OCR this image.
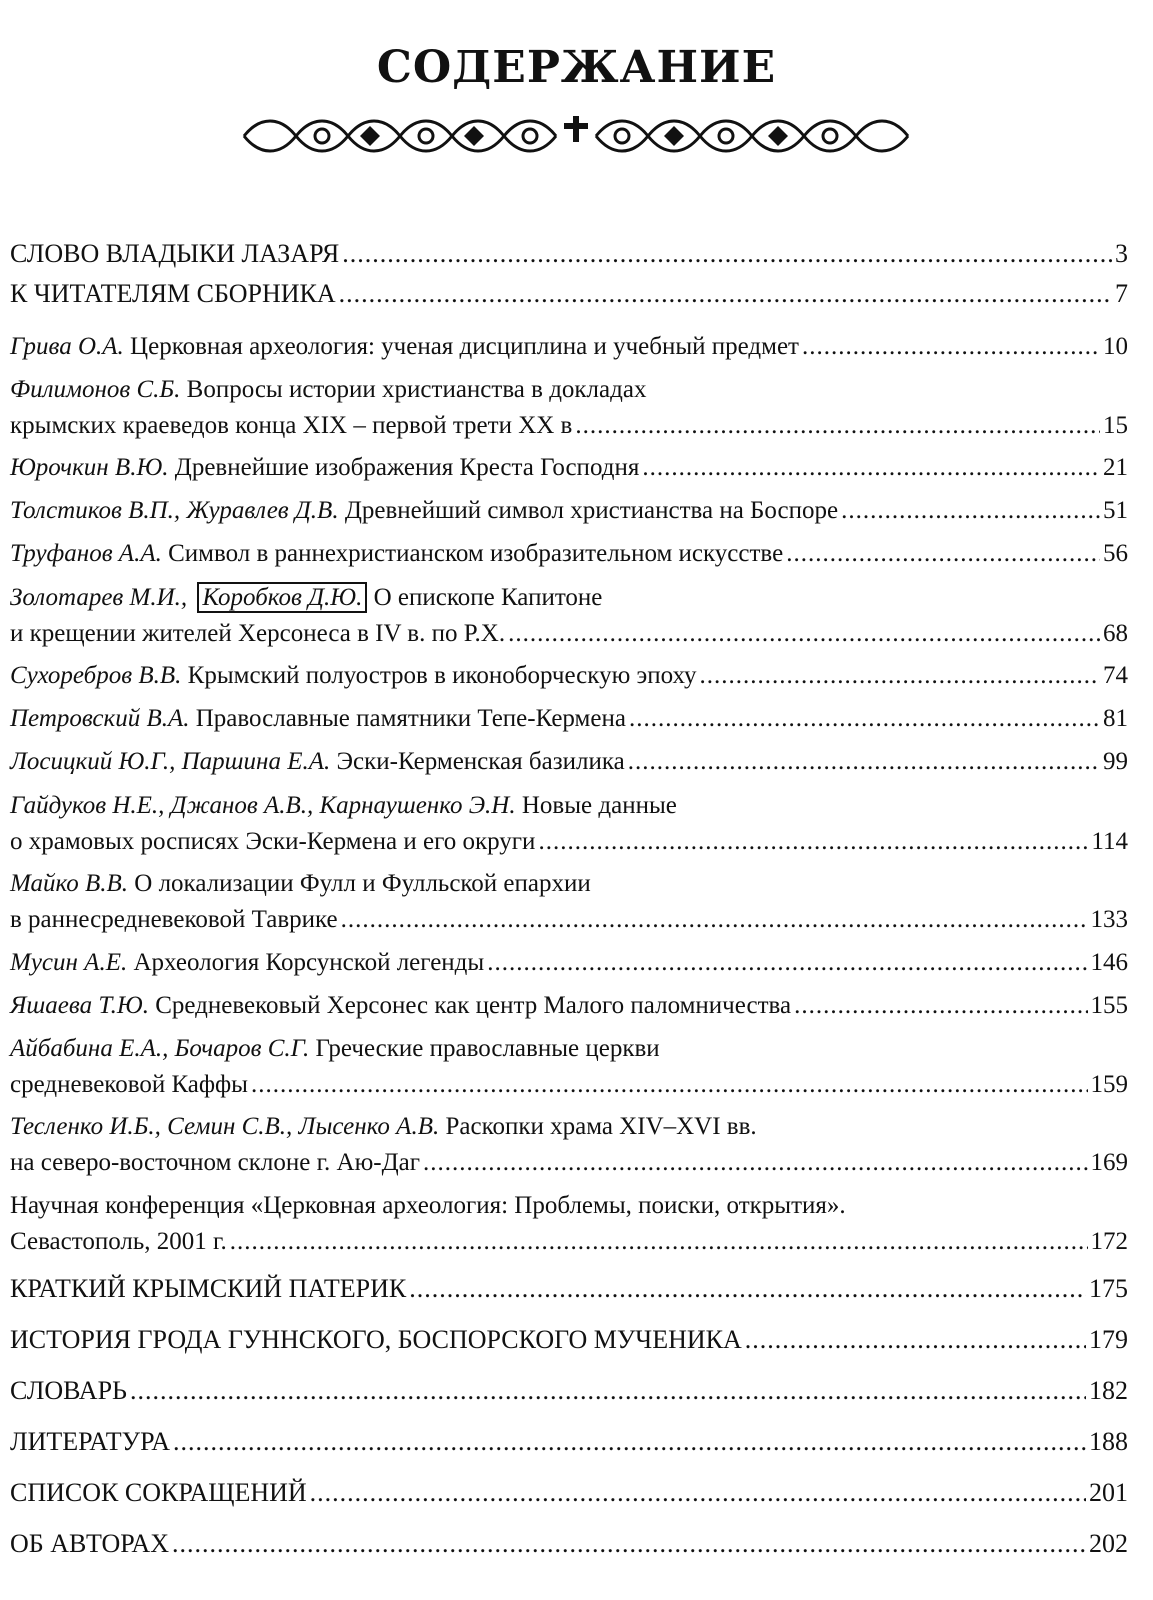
СОДЕРЖАНИЕ
СЛОВО ВЛАДЫКИ ЛАЗАРЯ .....	3
К ЧИТАТЕЛЯМ СБОРНИКА .....	7
Грива О.А. Церковная археология: ученая дисциплина и учебный предмет .....	10
Филимонов С.Б. Вопросы истории христианства в докладах
крымских краеведов конца XIX – первой трети XX в .....	15
Юрочкин В.Ю. Древнейшие изображения Креста Господня .....	21
Толстиков В.П., Журавлев Д.В. Древнейший символ христианства на Боспоре .....	51
Труфанов А.А. Символ в раннехристианском изобразительном искусстве .....	56
Золотарев М.И., Коробков Д.Ю. О епископе Капитоне
и крещении жителей Херсонеса в IV в. по Р.Х. .....	68
Сухоребров В.В. Крымский полуостров в иконоборческую эпоху .....	74
Петровский В.А. Православные памятники Тепе-Кермена .....	81
Лосицкий Ю.Г., Паршина Е.А. Эски-Керменская базилика .....	99
Гайдуков Н.Е., Джанов А.В., Карнаушенко Э.Н. Новые данные
о храмовых росписях Эски-Кермена и его округи .....	114
Майко В.В. О локализации Фулл и Фулльской епархии
в раннесредневековой Таврике .....	133
Мусин А.Е. Археология Корсунской легенды .....	146
Яшаева Т.Ю. Средневековый Херсонес как центр Малого паломничества .....	155
Айбабина Е.А., Бочаров С.Г. Греческие православные церкви
средневековой Каффы .....	159
Тесленко И.Б., Семин С.В., Лысенко А.В. Раскопки храма XIV–XVI вв.
на северо-восточном склоне г. Аю-Даг .....	169
Научная конференция «Церковная археология: Проблемы, поиски, открытия».
Севастополь, 2001 г. .....	172
КРАТКИЙ КРЫМСКИЙ ПАТЕРИК .....	175
ИСТОРИЯ ГРОДА ГУННСКОГО, БОСПОРСКОГО МУЧЕНИКА .....	179
СЛОВАРЬ .....	182
ЛИТЕРАТУРА .....	188
СПИСОК СОКРАЩЕНИЙ .....	201
ОБ АВТОРАХ .....	202
